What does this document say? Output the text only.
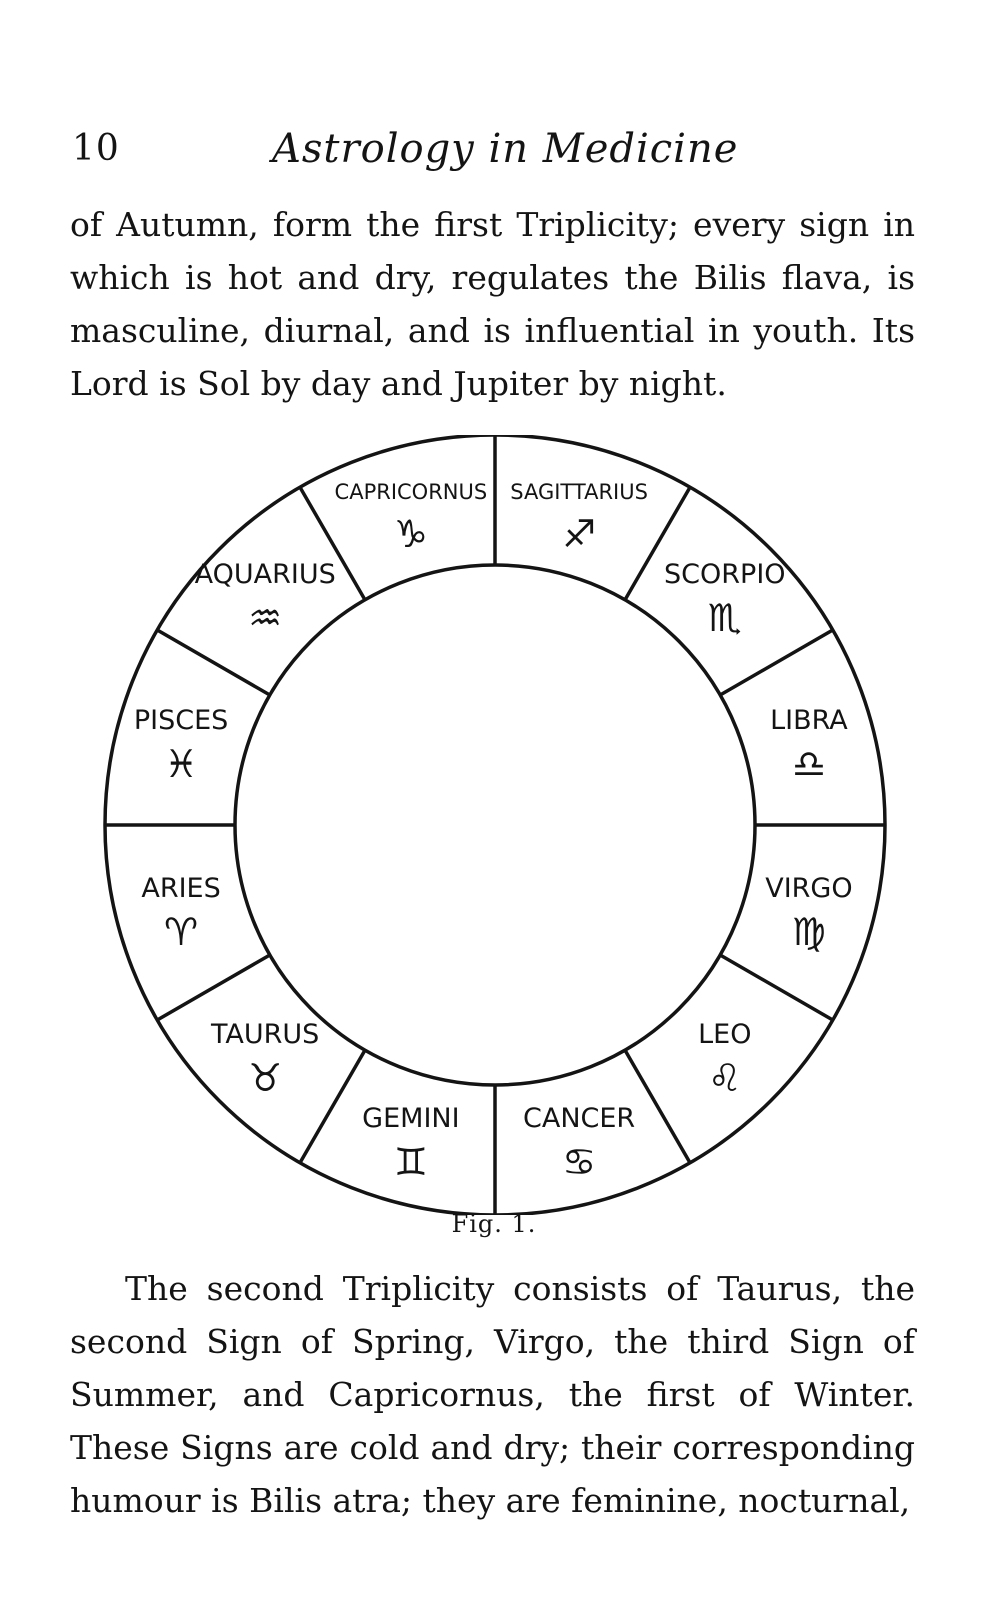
10	Astrology in Medicine

of Autumn, form the first Triplicity; every sign in
which is hot and dry, regulates the Bilis flava, is
masculine, diurnal, and is influential in youth. Its
Lord is Sol by day and Jupiter by night.

CAPRICORNUS
♑
SAGITTARIUS
♐
SCORPIO
♏
LIBRA
♎
VIRGO
♍
LEO
♌
CANCER
♋
GEMINI
♊
TAURUS
♉
ARIES
♈
PISCES
♓
AQUARIUS
♒
Fig. 1.

The second Triplicity consists of Taurus, the
second Sign of Spring, Virgo, the third Sign of
Summer, and Capricornus, the first of Winter.
These Signs are cold and dry; their corresponding
humour is Bilis atra; they are feminine, nocturnal,
